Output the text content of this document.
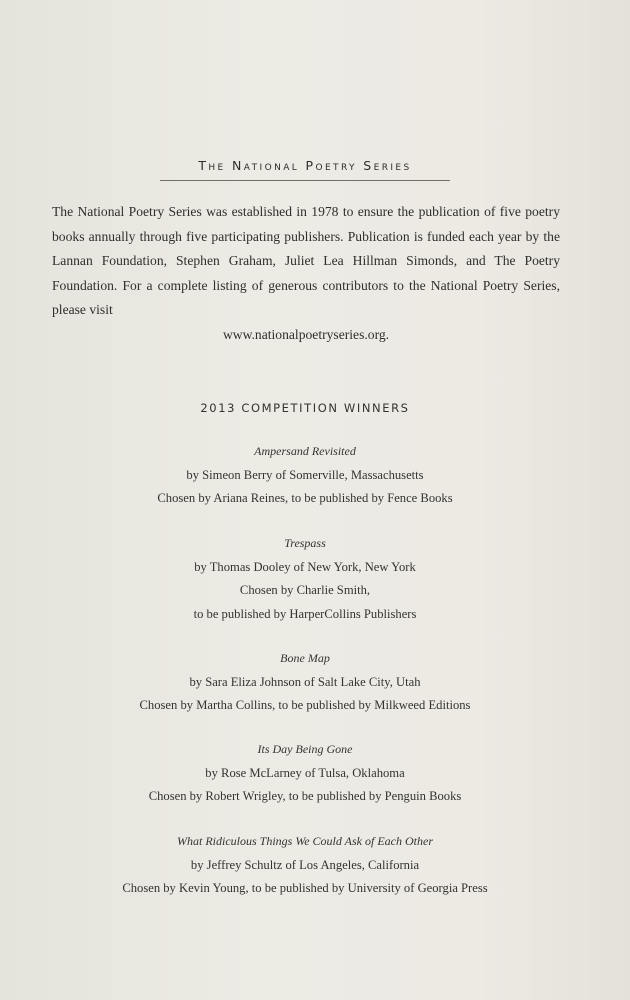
The National Poetry Series
The National Poetry Series was established in 1978 to ensure the publication of five poetry books annually through five participating publishers. Publication is funded each year by the Lannan Foundation, Stephen Graham, Juliet Lea Hillman Simonds, and The Poetry Foundation. For a complete listing of generous contributors to the National Poetry Series, please visit
www.nationalpoetryseries.org.
2013 COMPETITION WINNERS
Ampersand Revisited
by Simeon Berry of Somerville, Massachusetts
Chosen by Ariana Reines, to be published by Fence Books
Trespass
by Thomas Dooley of New York, New York
Chosen by Charlie Smith,
to be published by HarperCollins Publishers
Bone Map
by Sara Eliza Johnson of Salt Lake City, Utah
Chosen by Martha Collins, to be published by Milkweed Editions
Its Day Being Gone
by Rose McLarney of Tulsa, Oklahoma
Chosen by Robert Wrigley, to be published by Penguin Books
What Ridiculous Things We Could Ask of Each Other
by Jeffrey Schultz of Los Angeles, California
Chosen by Kevin Young, to be published by University of Georgia Press
